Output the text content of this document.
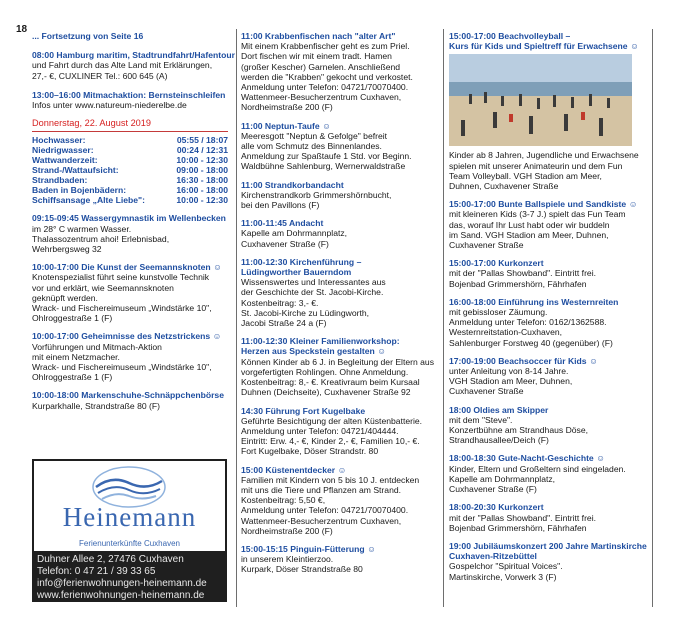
18
... Fortsetzung von Seite 16
08:00 Hamburg maritim, Stadtrundfahrt/Hafentour
und Fahrt durch das Alte Land mit Erklärungen,
27,- €, CUXLINER Tel.: 600 645 (A)
13:00–16:00 Mitmachaktion: Bernsteinschleifen
Infos unter www.natureum-niederelbe.de
Donnerstag, 22. August 2019
Hochwasser:	05:55 / 18:07
Niedrigwasser:	00:24 / 12:31
Wattwanderzeit:	10:00 - 12:30
Strand-/Wattaufsicht:	09:00 - 18:00
Strandbaden:	16:30 - 18:00
Baden in Bojenbädern:	16:00 - 18:00
Schiffsansage „Alte Liebe":	10:00 - 12:30
09:15-09:45 Wassergymnastik im Wellenbecken
im 28° C warmen Wasser.
Thalassozentrum ahoi! Erlebnisbad,
Wehrbergsweg 32
10:00-17:00 Die Kunst der Seemannsknoten ☺
Knotenspezialist führt seine kunstvolle Technik
vor und erklärt, wie Seemannsknoten
geknüpft werden.
Wrack- und Fischereimuseum „Windstärke 10",
Ohlroggestraße 1 (F)
10:00-17:00 Geheimnisse des Netzstrickens ☺
Vorführungen und Mitmach-Aktion
mit einem Netzmacher.
Wrack- und Fischereimuseum „Windstärke 10",
Ohlroggestraße 1 (F)
10:00-18:00 Markenschuhe-Schnäppchenbörse
Kurparkhalle, Strandstraße 80 (F)
Heinemann
Ferienunterkünfte Cuxhaven
Duhner Allee 2, 27476 Cuxhaven
Telefon: 0 47 21 / 39 33 65
info@ferienwohnungen-heinemann.de
www.ferienwohnungen-heinemann.de
11:00 Krabbenfischen nach "alter Art"
Mit einem Krabbenfischer geht es zum Priel.
Dort fischen wir mit einem tradt. Hamen
(großer Kescher) Garnelen. Anschließend
werden die "Krabben" gekocht und verkostet.
Anmeldung unter Telefon: 04721/70070400.
Wattenmeer-Besucherzentrum Cuxhaven,
Nordheimstraße 200 (F)
11:00 Neptun-Taufe ☺
Meeresgott "Neptun & Gefolge" befreit
alle vom Schmutz des Binnenlandes.
Anmeldung zur Spaßtaufe 1 Std. vor Beginn.
Waldbühne Sahlenburg, Wernerwaldstraße
11:00 Strandkorbandacht
Kirchenstrandkorb Grimmershörnbucht,
bei den Pavillons (F)
11:00-11:45 Andacht
Kapelle am Dohrmannplatz,
Cuxhavener Straße (F)
11:00-12:30 Kirchenführung –
Lüdingworther Bauerndom
Wissenswertes und Interessantes aus
der Geschichte der St. Jacobi-Kirche.
Kostenbeitrag: 3,- €.
St. Jacobi-Kirche zu Lüdingworth,
Jacobi Straße 24 a (F)
11:00-12:30 Kleiner Familienworkshop:
Herzen aus Speckstein gestalten ☺
Können Kinder ab 6 J. in Begleitung der Eltern aus
vorgefertigten Rohlingen. Ohne Anmeldung.
Kostenbeitrag: 8,- €. Kreativraum beim Kursaal
Duhnen (Deichseite), Cuxhavener Straße 92
14:30 Führung Fort Kugelbake
Geführte Besichtigung der alten Küstenbatterie.
Anmeldung unter Telefon: 04721/404444.
Eintritt: Erw. 4,- €, Kinder 2,- €, Familien 10,- €.
Fort Kugelbake, Döser Strandstr. 80
15:00 Küstenentdecker ☺
Familien mit Kindern von 5 bis 10 J. entdecken
mit uns die Tiere und Pflanzen am Strand.
Kostenbeitrag: 5,50 €,
Anmeldung unter Telefon: 04721/70070400.
Wattenmeer-Besucherzentrum Cuxhaven,
Nordheimstraße 200 (F)
15:00-15:15 Pinguin-Fütterung ☺
in unserem Kleintierzoo.
Kurpark, Döser Strandstraße 80
15:00-17:00 Beachvolleyball –
Kurs für Kids und Spieltreff für Erwachsene ☺
Kinder ab 8 Jahren, Jugendliche und Erwachsene
spielen mit unserer Animateurin und dem Fun
Team Volleyball. VGH Stadion am Meer,
Duhnen, Cuxhavener Straße
15:00-17:00 Bunte Ballspiele und Sandkiste ☺
mit kleineren Kids (3-7 J.) spielt das Fun Team
das, worauf Ihr Lust habt oder wir buddeln
im Sand. VGH Stadion am Meer, Duhnen,
Cuxhavener Straße
15:00-17:00 Kurkonzert
mit der "Pallas Showband". Eintritt frei.
Bojenbad Grimmershörn, Fährhafen
16:00-18:00 Einführung ins Westernreiten
mit gebissloser Zäumung.
Anmeldung unter Telefon: 0162/1362588.
Westernreitstation-Cuxhaven,
Sahlenburger Forstweg 40 (gegenüber) (F)
17:00-19:00 Beachsoccer für Kids ☺
unter Anleitung von 8-14 Jahre.
VGH Stadion am Meer, Duhnen,
Cuxhavener Straße
18:00 Oldies am Skipper
mit dem "Steve".
Konzertbühne am Strandhaus Döse,
Strandhausallee/Deich (F)
18:00-18:30 Gute-Nacht-Geschichte ☺
Kinder, Eltern und Großeltern sind eingeladen.
Kapelle am Dohrmannplatz,
Cuxhavener Straße (F)
18:00-20:30 Kurkonzert
mit der "Pallas Showband". Eintritt frei.
Bojenbad Grimmershörn, Fährhafen
19:00 Jubiläumskonzert 200 Jahre Martinskirche
Cuxhaven-Ritzebüttel
Gospelchor "Spiritual Voices".
Martinskirche, Vorwerk 3 (F)
